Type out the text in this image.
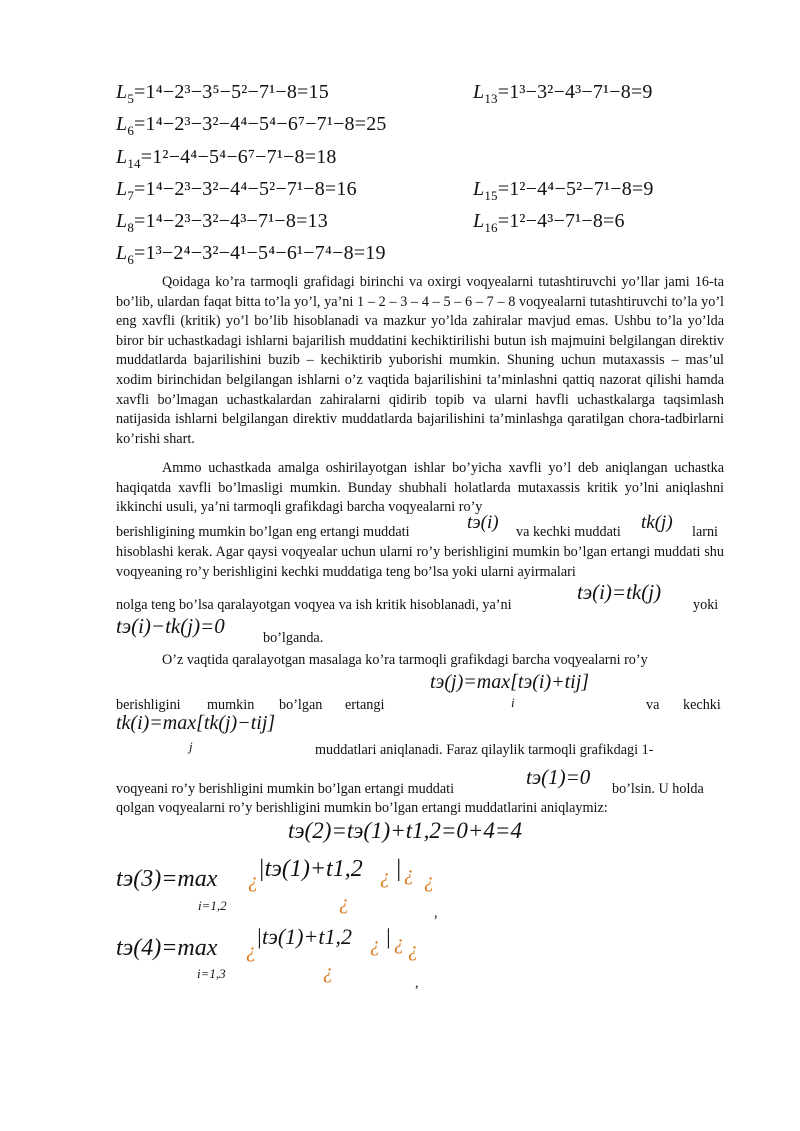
$L_5=1^4-2^3-3^5-5^2-7^1-8=15$	$L_{13}=1^3-3^2-4^3-7^1-8=9$
$L_6=1^4-2^3-3^2-4^4-5^4-6^7-7^1-8=25$
$L_{14}=1^2-4^4-5^4-6^7-7^1-8=18$
$L_7=1^4-2^3-3^2-4^4-5^2-7^1-8=16$	$L_{15}=1^2-4^4-5^2-7^1-8=9$
$L_8=1^4-2^3-3^2-4^3-7^1-8=13$	$L_{16}=1^2-4^3-7^1-8=6$
$L_6=1^3-2^4-3^2-4^1-5^4-6^1-7^4-8=19$

Qoidaga ko’ra tarmoqli grafidagi birinchi va oxirgi voqyealarni tutashtiruvchi yo’llar jami 16-ta bo’lib, ulardan faqat bitta to’la yo’l, ya’ni 1 – 2 – 3 – 4 – 5 – 6 – 7 – 8 voqyealarni tutashtiruvchi to’la yo’l eng xavfli (kritik) yo’l bo’lib hisoblanadi va mazkur yo’lda zahiralar mavjud emas. Ushbu to’la yo’lda biror bir uchastkadagi ishlarni bajarilish muddatini kechiktirilishi butun ish majmuini belgilangan direktiv muddatlarda bajarilishini buzib – kechiktirib yuborishi mumkin. Shuning uchun mutaxassis – mas’ul xodim birinchidan belgilangan ishlarni o’z vaqtida bajarilishini ta’minlashni qattiq nazorat qilishi hamda xavfli bo’lmagan uchastkalardan zahiralarni qidirib topib va ularni havfli uchastkalarga taqsimlash natijasida ishlarni belgilangan direktiv muddatlarda bajarilishini ta’minlashga qaratilgan chora-tadbirlarni ko’rishi shart.

Ammo uchastkada amalga oshirilayotgan ishlar bo’yicha xavfli yo’l deb aniqlangan uchastka haqiqatda xavfli bo’lmasligi mumkin. Bunday shubhali holatlarda mutaxassis kritik yo’lni aniqlashni ikkinchi usuli, ya’ni tarmoqli grafikdagi barcha voqyealarni ro’y

berishligining mumkin bo’lgan eng ertangi muddati	tэ(i) va kechki muddati tk(j) larni
hisoblashi kerak. Agar qaysi voqyealar uchun ularni ro’y berishligini mumkin bo’lgan ertangi muddati shu voqyeaning ro’y berishligini kechki muddatiga teng bo’lsa yoki ularni ayirmalari
nolga teng bo’lsa qaralayotgan voqyea va ish kritik hisoblanadi, ya’ni
tэ(i)=tk(j)
yoki
tэ(i)−tk(j)=0	bo’lganda.

O’z vaqtida qaralayotgan masalaga ko’ra tarmoqli grafikdagi barcha voqyealarni ro’y

berishligini mumkin bo’lgan ertangi
tэ(j)=max[tэ(i)+tij]
i	va kechki
tk(i)=max[tk(j)−tij]
j	muddatlari aniqlanadi. Faraz qilaylik tarmoqli grafikdagi 1-
voqyeani ro’y berishligini mumkin bo’lgan ertangi muddati	tэ(1)=0 bo’lsin. U holda
qolgan voqyealarni ro’y berishligini mumkin bo’lgan ertangi muddatlarini aniqlaymiz:
tэ(2)=tэ(1)+t1,2=0+4=4
tэ(3)=max
i=1,2
¿ |tэ(1)+t1,2 ¿ | ¿ ¿
¿	,
tэ(4)=max
i=1,3
¿
|tэ(1)+t1,2 ¿ | ¿ ¿
¿	,
